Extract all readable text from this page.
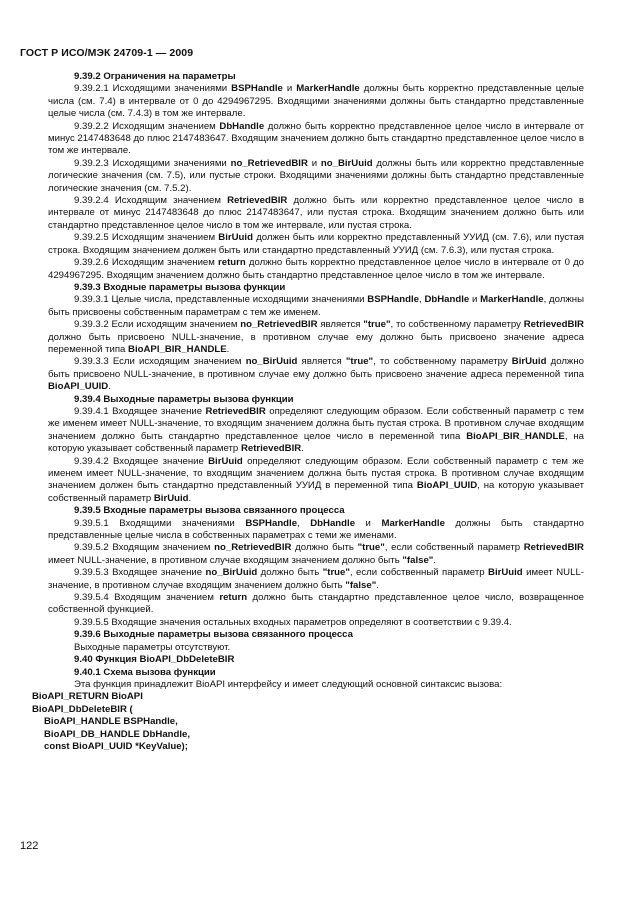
ГОСТ Р ИСО/МЭК 24709-1 — 2009
9.39.2 Ограничения на параметры
9.39.2.1 Исходящими значениями BSPHandle и MarkerHandle должны быть корректно представленные целые числа (см. 7.4) в интервале от 0 до 4294967295. Входящими значениями должны быть стандартно представленные целые числа (см. 7.4.3) в том же интервале.
9.39.2.2 Исходящим значением DbHandle должно быть корректно представленное целое число в интервале от минус 2147483648 до плюс 2147483647. Входящим значением должно быть стандартно представленное целое число в том же интервале.
9.39.2.3 Исходящими значениями no_RetrievedBIR и no_BirUuid должны быть или корректно представленные логические значения (см. 7.5), или пустые строки. Входящими значениями должны быть стандартно представленные логические значения (см. 7.5.2).
9.39.2.4 Исходящим значением RetrievedBIR должно быть или корректно представленное целое число в интервале от минус 2147483648 до плюс 2147483647, или пустая строка. Входящим значением должно быть или стандартно представленное целое число в том же интервале, или пустая строка.
9.39.2.5 Исходящим значением BirUuid должен быть или корректно представленный УУИД (см. 7.6), или пустая строка. Входящим значением должен быть или стандартно представленный УУИД (см. 7.6.3), или пустая строка.
9.39.2.6 Исходящим значением return должно быть корректно представленное целое число в интервале от 0 до 4294967295. Входящим значением должно быть стандартно представленное целое число в том же интервале.
9.39.3 Входные параметры вызова функции
9.39.3.1 Целые числа, представленные исходящими значениями BSPHandle, DbHandle и MarkerHandle, должны быть присвоены собственным параметрам с тем же именем.
9.39.3.2 Если исходящим значением no_RetrievedBIR является "true", то собственному параметру RetrievedBIR должно быть присвоено NULL-значение, в противном случае ему должно быть присвоено значение адреса переменной типа BioAPI_BIR_HANDLE.
9.39.3.3 Если исходящим значением no_BirUuid является "true", то собственному параметру BirUuid должно быть присвоено NULL-значение, в противном случае ему должно быть присвоено значение адреса переменной типа BioAPI_UUID.
9.39.4 Выходные параметры вызова функции
9.39.4.1 Входящее значение RetrievedBIR определяют следующим образом. Если собственный параметр с тем же именем имеет NULL-значение, то входящим значением должна быть пустая строка. В противном случае входящим значением должно быть стандартно представленное целое число в переменной типа BioAPI_BIR_HANDLE, на которую указывает собственный параметр RetrievedBIR.
9.39.4.2 Входящее значение BirUuid определяют следующим образом. Если собственный параметр с тем же именем имеет NULL-значение, то входящим значением должна быть пустая строка. В противном случае входящим значением должен быть стандартно представленный УУИД в переменной типа BioAPI_UUID, на которую указывает собственный параметр BirUuid.
9.39.5 Входные параметры вызова связанного процесса
9.39.5.1 Входящими значениями BSPHandle, DbHandle и MarkerHandle должны быть стандартно представленные целые числа в собственных параметрах с теми же именами.
9.39.5.2 Входящим значением no_RetrievedBIR должно быть "true", если собственный параметр RetrievedBIR имеет NULL-значение, в противном случае входящим значением должно быть "false".
9.39.5.3 Входящее значение no_BirUuid должно быть "true", если собственный параметр BirUuid имеет NULL-значение, в противном случае входящим значением должно быть "false".
9.39.5.4 Входящим значением return должно быть стандартно представленное целое число, возвращенное собственной функцией.
9.39.5.5 Входящие значения остальных входных параметров определяют в соответствии с 9.39.4.
9.39.6 Выходные параметры вызова связанного процесса
Выходные параметры отсутствуют.
9.40 Функция BioAPI_DbDeleteBIR
9.40.1 Схема вызова функции
Эта функция принадлежит BioAPI интерфейсу и имеет следующий основной синтаксис вызова:
BioAPI_RETURN BioAPI
BioAPI_DbDeleteBIR (
BioAPI_HANDLE BSPHandle,
BioAPI_DB_HANDLE DbHandle,
const BioAPI_UUID *KeyValue);
122
